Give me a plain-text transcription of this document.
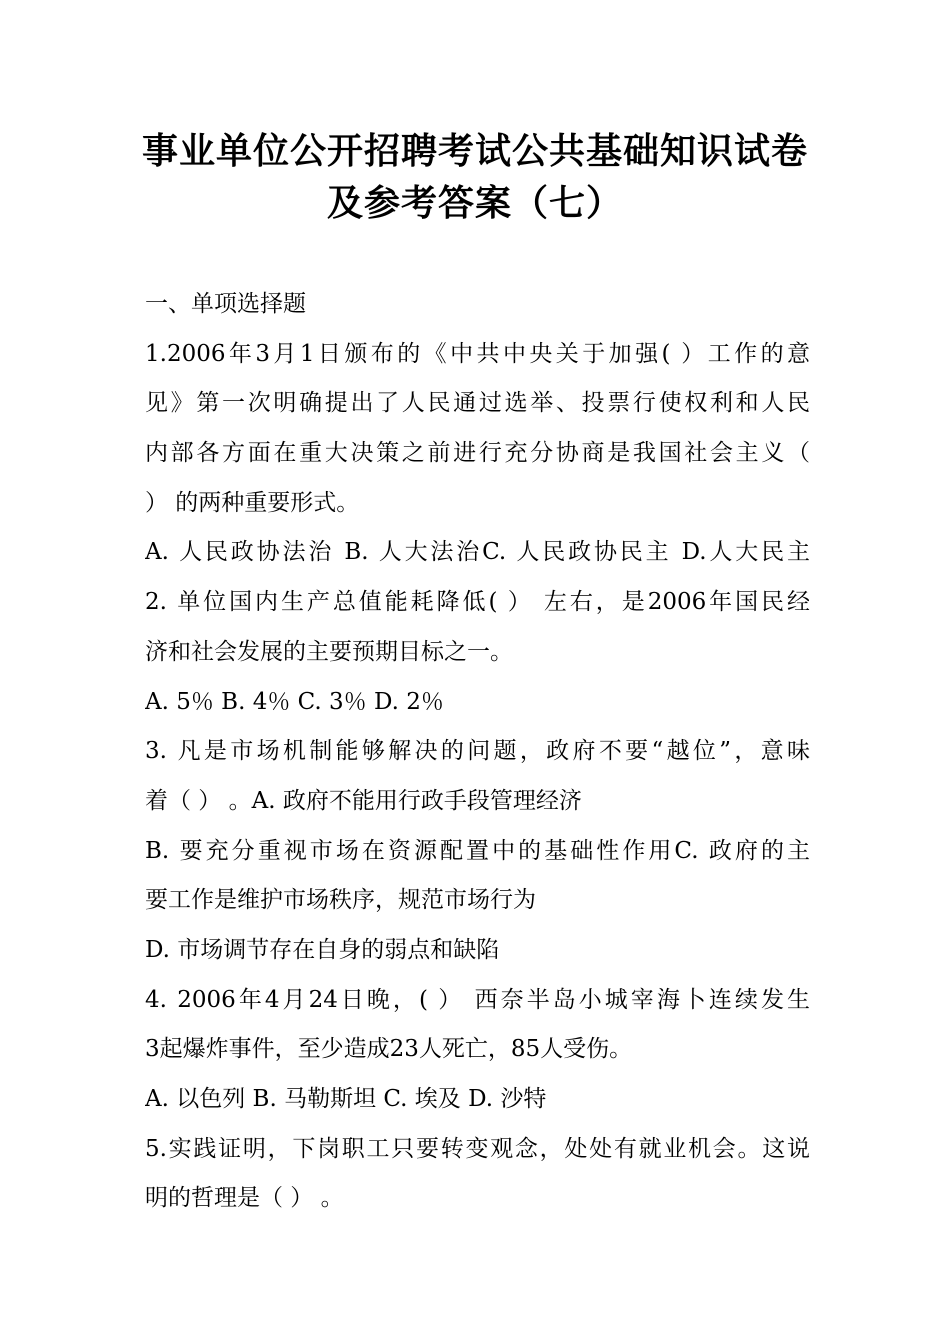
事业单位公开招聘考试公共基础知识试卷
及参考答案（七）
一、单项选择题
1.2006年3月1日颁布的《中共中央关于加强( ）工作的意
见》第一次明确提出了人民通过选举、投票行使权利和人民
内部各方面在重大决策之前进行充分协商是我国社会主义（
） 的两种重要形式。
A. 人民政协法治 B. 人大法治C. 人民政协民主 D.人大民主
2. 单位国内生产总值能耗降低( ） 左右，是2006年国民经
济和社会发展的主要预期目标之一。
A. 5％ B. 4％ C. 3％ D. 2％
3. 凡是市场机制能够解决的问题，政府不要“越位”，意味
着（ ） 。A. 政府不能用行政手段管理经济
B. 要充分重视市场在资源配置中的基础性作用C. 政府的主
要工作是维护市场秩序，规范市场行为
D. 市场调节存在自身的弱点和缺陷
4. 2006年4月24日晚，( ） 西奈半岛小城宰海卜连续发生
3起爆炸事件，至少造成23人死亡，85人受伤。
A. 以色列 B. 马勒斯坦 C. 埃及 D. 沙特
5.实践证明，下岗职工只要转变观念，处处有就业机会。这说
明的哲理是（ ） 。
